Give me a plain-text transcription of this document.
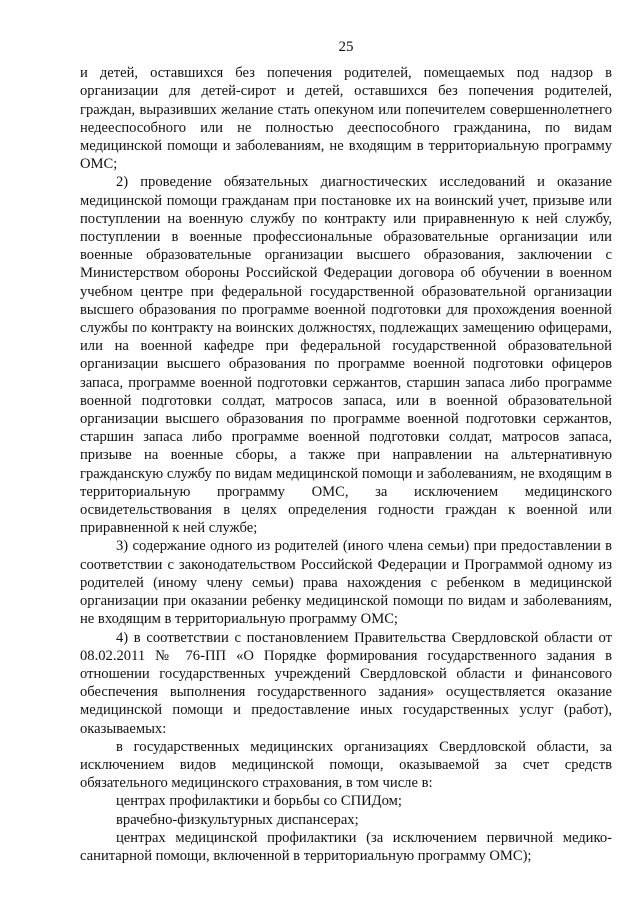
25

и детей, оставшихся без попечения родителей, помещаемых под надзор в организации для детей-сирот и детей, оставшихся без попечения родителей, граждан, выразивших желание стать опекуном или попечителем совершеннолетнего недееспособного или не полностью дееспособного гражданина, по видам медицинской помощи и заболеваниям, не входящим в территориальную программу ОМС;

2) проведение обязательных диагностических исследований и оказание медицинской помощи гражданам при постановке их на воинский учет, призыве или поступлении на военную службу по контракту или приравненную к ней службу, поступлении в военные профессиональные образовательные организации или военные образовательные организации высшего образования, заключении с Министерством обороны Российской Федерации договора об обучении в военном учебном центре при федеральной государственной образовательной организации высшего образования по программе военной подготовки для прохождения военной службы по контракту на воинских должностях, подлежащих замещению офицерами, или на военной кафедре при федеральной государственной образовательной организации высшего образования по программе военной подготовки офицеров запаса, программе военной подготовки сержантов, старшин запаса либо программе военной подготовки солдат, матросов запаса, или в военной образовательной организации высшего образования по программе военной подготовки сержантов, старшин запаса либо программе военной подготовки солдат, матросов запаса, призыве на военные сборы, а также при направлении на альтернативную гражданскую службу по видам медицинской помощи и заболеваниям, не входящим в территориальную программу ОМС, за исключением медицинского освидетельствования в целях определения годности граждан к военной или приравненной к ней службе;

3) содержание одного из родителей (иного члена семьи) при предоставлении в соответствии с законодательством Российской Федерации и Программой одному из родителей (иному члену семьи) права нахождения с ребенком в медицинской организации при оказании ребенку медицинской помощи по видам и заболеваниям, не входящим в территориальную программу ОМС;

4) в соответствии с постановлением Правительства Свердловской области от 08.02.2011 № 76-ПП «О Порядке формирования государственного задания в отношении государственных учреждений Свердловской области и финансового обеспечения выполнения государственного задания» осуществляется оказание медицинской помощи и предоставление иных государственных услуг (работ), оказываемых:

в государственных медицинских организациях Свердловской области, за исключением видов медицинской помощи, оказываемой за счет средств обязательного медицинского страхования, в том числе в:

центрах профилактики и борьбы со СПИДом;

врачебно-физкультурных диспансерах;

центрах медицинской профилактики (за исключением первичной медико-санитарной помощи, включенной в территориальную программу ОМС);
